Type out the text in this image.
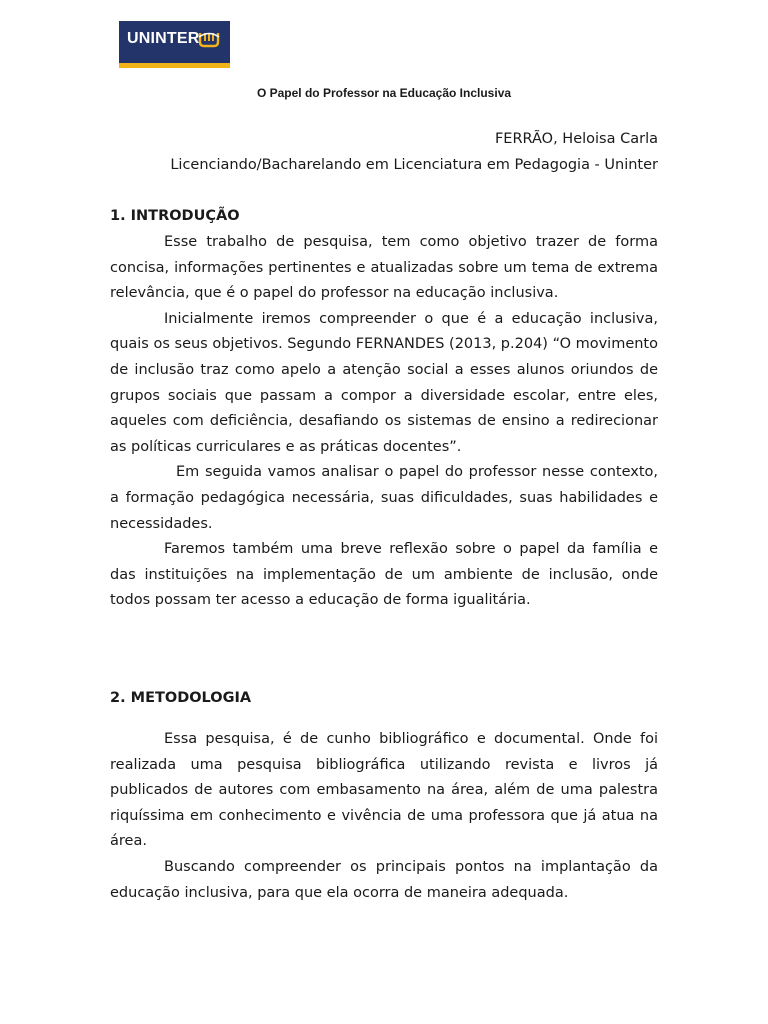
UNINTER
O Papel do Professor na Educação Inclusiva
FERRÃO, Heloisa Carla
Licenciando/Bacharelando em Licenciatura em Pedagogia - Uninter
1. INTRODUÇÃO

Esse trabalho de pesquisa, tem como objetivo trazer de forma concisa, informações pertinentes e atualizadas sobre um tema de extrema relevância, que é o papel do professor na educação inclusiva.

Inicialmente iremos compreender o que é a educação inclusiva, quais os seus objetivos. Segundo FERNANDES (2013, p.204) “O movimento de inclusão traz como apelo a atenção social a esses alunos oriundos de grupos sociais que passam a compor a diversidade escolar, entre eles, aqueles com deficiência, desafiando os sistemas de ensino a redirecionar as políticas curriculares e as práticas docentes”.

Em seguida vamos analisar o papel do professor nesse contexto, a formação pedagógica necessária, suas dificuldades, suas habilidades e necessidades.

Faremos também uma breve reflexão sobre o papel da família e das instituições na implementação de um ambiente de inclusão, onde todos possam ter acesso a educação de forma igualitária.

2. METODOLOGIA

Essa pesquisa, é de cunho bibliográfico e documental. Onde foi realizada uma pesquisa bibliográfica utilizando revista e livros já publicados de autores com embasamento na área, além de uma palestra riquíssima em conhecimento e vivência de uma professora que já atua na área.

Buscando compreender os principais pontos na implantação da educação inclusiva, para que ela ocorra de maneira adequada.
